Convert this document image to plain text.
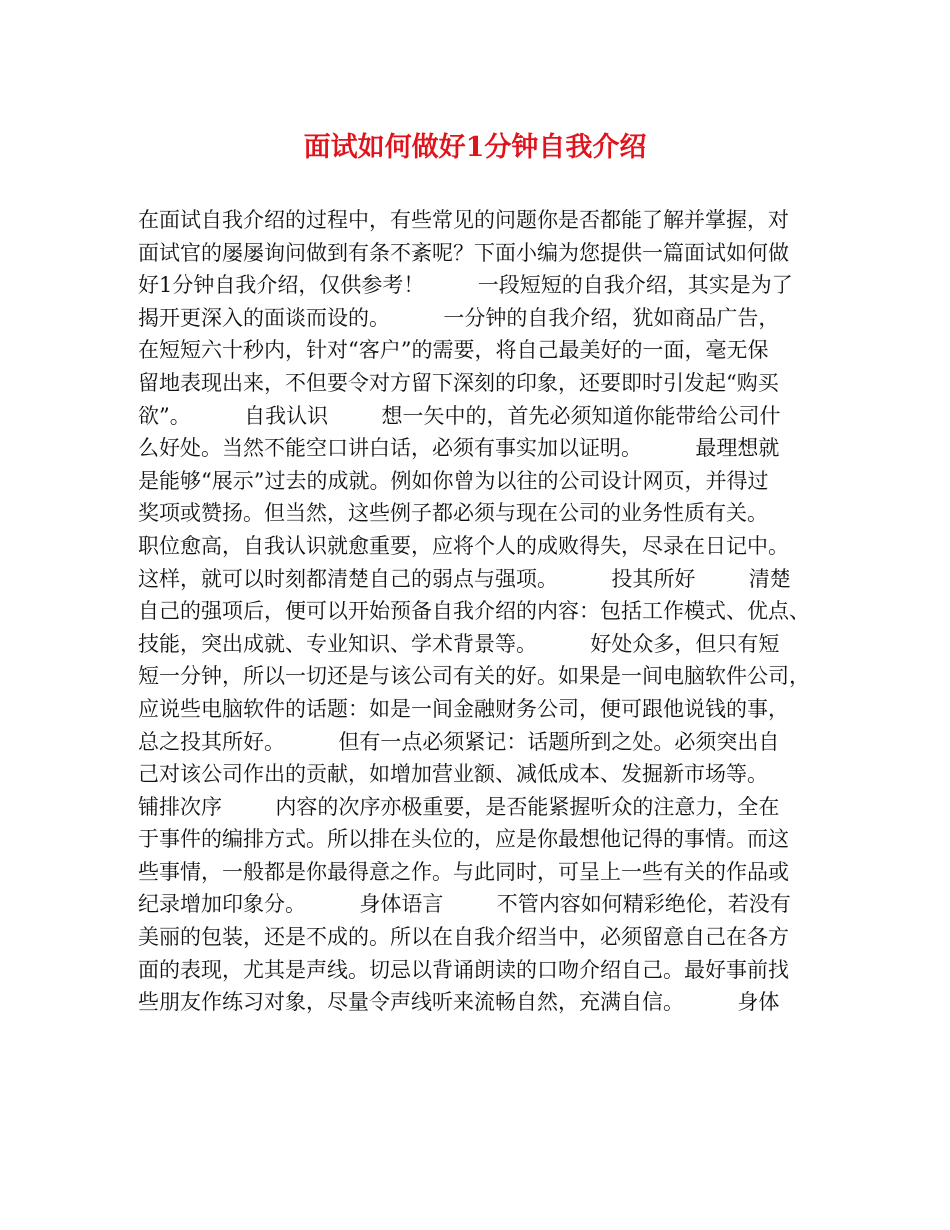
面试如何做好1分钟自我介绍
在面试自我介绍的过程中，有些常见的问题你是否都能了解并掌握，对
面试官的屡屡询问做到有条不紊呢？下面小编为您提供一篇面试如何做
好1分钟自我介绍，仅供参考！        一段短短的自我介绍，其实是为了
揭开更深入的面谈而设的。        一分钟的自我介绍，犹如商品广告，
在短短六十秒内，针对“客户”的需要，将自己最美好的一面，毫无保
留地表现出来，不但要令对方留下深刻的印象，还要即时引发起“购买
欲”。        自我认识        想一矢中的，首先必须知道你能带给公司什
么好处。当然不能空口讲白话，必须有事实加以证明。        最理想就
是能够“展示”过去的成就。例如你曾为以往的公司设计网页，并得过
奖项或赞扬。但当然，这些例子都必须与现在公司的业务性质有关。
职位愈高，自我认识就愈重要，应将个人的成败得失，尽录在日记中。
这样，就可以时刻都清楚自己的弱点与强项。        投其所好        清楚
自己的强项后，便可以开始预备自我介绍的内容：包括工作模式、优点、
技能，突出成就、专业知识、学术背景等。        好处众多，但只有短
短一分钟，所以一切还是与该公司有关的好。如果是一间电脑软件公司，
应说些电脑软件的话题：如是一间金融财务公司，便可跟他说钱的事，
总之投其所好。        但有一点必须紧记：话题所到之处。必须突出自
己对该公司作出的贡献，如增加营业额、减低成本、发掘新市场等。
铺排次序        内容的次序亦极重要，是否能紧握听众的注意力，全在
于事件的编排方式。所以排在头位的，应是你最想他记得的事情。而这
些事情，一般都是你最得意之作。与此同时，可呈上一些有关的作品或
纪录增加印象分。        身体语言        不管内容如何精彩绝伦，若没有
美丽的包装，还是不成的。所以在自我介绍当中，必须留意自己在各方
面的表现，尤其是声线。切忌以背诵朗读的口吻介绍自己。最好事前找
些朋友作练习对象，尽量令声线听来流畅自然，充满自信。        身体
